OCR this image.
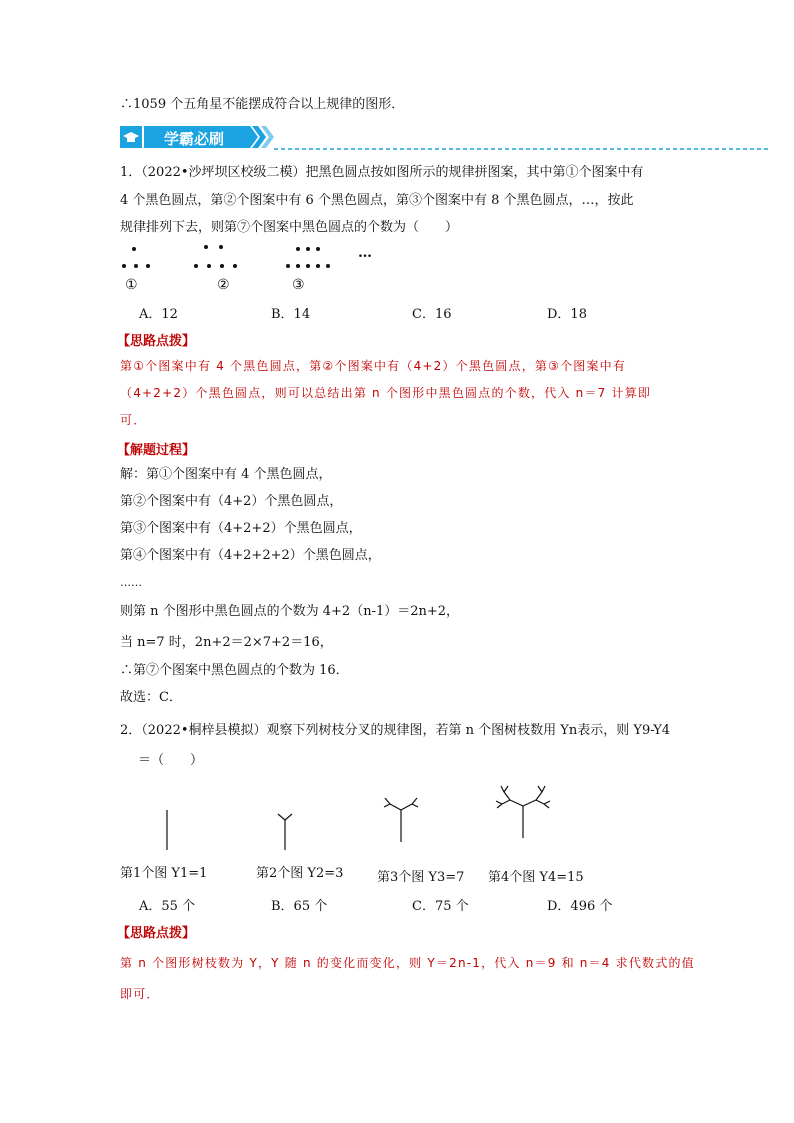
∴1059 个五角星不能摆成符合以上规律的图形．
学霸必刷
1．（2022•沙坪坝区校级二模）把黑色圆点按如图所示的规律拼图案，其中第①个图案中有
4 个黑色圆点，第②个图案中有 6 个黑色圆点，第③个图案中有 8 个黑色圆点，…，按此
规律排列下去，则第⑦个图案中黑色圆点的个数为（　　）
…
①	②	③
A．12	B．14	C．16	D．18
【思路点拨】
第①个图案中有 4 个黑色圆点，第②个图案中有（4+2）个黑色圆点，第③个图案中有
（4+2+2）个黑色圆点，则可以总结出第 n 个图形中黑色圆点的个数，代入 n＝7 计算即
可．
【解题过程】
解：第①个图案中有 4 个黑色圆点，
第②个图案中有（4+2）个黑色圆点，
第③个图案中有（4+2+2）个黑色圆点，
第④个图案中有（4+2+2+2）个黑色圆点，
……
则第 n 个图形中黑色圆点的个数为 4+2（n-1）＝2n+2，
当 n=7 时，2n+2＝2×7+2＝16，
∴第⑦个图案中黑色圆点的个数为 16．
故选：C．
2．（2022•桐梓县模拟）观察下列树枝分叉的规律图，若第 n 个图树枝数用 Yn表示，则 Y9-Y4
＝（　　）
第1个图 Y1=1	第2个图 Y2=3	第3个图 Y3=7 第4个图 Y4=15
A．55 个	B．65 个	C．75 个	D．496 个
【思路点拨】
第 n 个图形树枝数为 Y，Y 随 n 的变化而变化，则 Y＝2n-1，代入 n＝9 和 n＝4 求代数式的值
即可．
